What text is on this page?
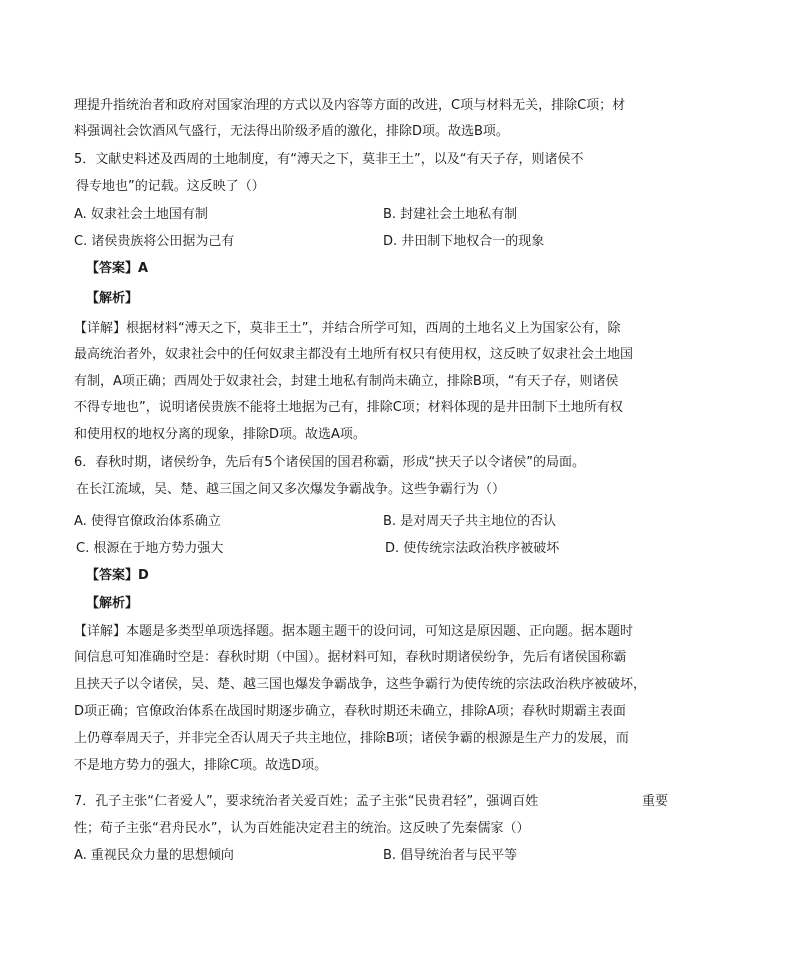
理提升指统治者和政府对国家治理的方式以及内容等方面的改进，C项与材料无关，排除C项；材
料强调社会饮酒风气盛行，无法得出阶级矛盾的激化，排除D项。故选B项。
5．文献史料述及西周的土地制度，有“溥天之下，莫非王土”，以及“有天子存，则诸侯不
得专地也”的记载。这反映了（）
A. 奴隶社会土地国有制	B. 封建社会土地私有制
C. 诸侯贵族将公田据为己有	D. 井田制下地权合一的现象
【答案】A
【解析】
【详解】根据材料“溥天之下，莫非王土”，并结合所学可知，西周的土地名义上为国家公有，除
最高统治者外，奴隶社会中的任何奴隶主都没有土地所有权只有使用权，这反映了奴隶社会土地国
有制，A项正确；西周处于奴隶社会，封建土地私有制尚未确立，排除B项，“有天子存，则诸侯
不得专地也”，说明诸侯贵族不能将土地据为己有，排除C项；材料体现的是井田制下土地所有权
和使用权的地权分离的现象，排除D项。故选A项。
6．春秋时期，诸侯纷争，先后有5个诸侯国的国君称霸，形成“挟天子以令诸侯”的局面。
在长江流域，吴、楚、越三国之间又多次爆发争霸战争。这些争霸行为（）
A. 使得官僚政治体系确立	B. 是对周天子共主地位的否认
C. 根源在于地方势力强大	D. 使传统宗法政治秩序被破坏
【答案】D
【解析】
【详解】本题是多类型单项选择题。据本题主题干的设问词，可知这是原因题、正向题。据本题时
间信息可知准确时空是：春秋时期（中国）。据材料可知，春秋时期诸侯纷争，先后有诸侯国称霸
且挟天子以令诸侯，吴、楚、越三国也爆发争霸战争，这些争霸行为使传统的宗法政治秩序被破坏，
D项正确；官僚政治体系在战国时期逐步确立，春秋时期还未确立，排除A项；春秋时期霸主表面
上仍尊奉周天子，并非完全否认周天子共主地位，排除B项；诸侯争霸的根源是生产力的发展，而
不是地方势力的强大，排除C项。故选D项。
7．孔子主张“仁者爱人”，要求统治者关爱百姓；孟子主张“民贵君轻”，强调百姓	重要
性；荀子主张“君舟民水”，认为百姓能决定君主的统治。这反映了先秦儒家（）
A. 重视民众力量的思想倾向	B. 倡导统治者与民平等
